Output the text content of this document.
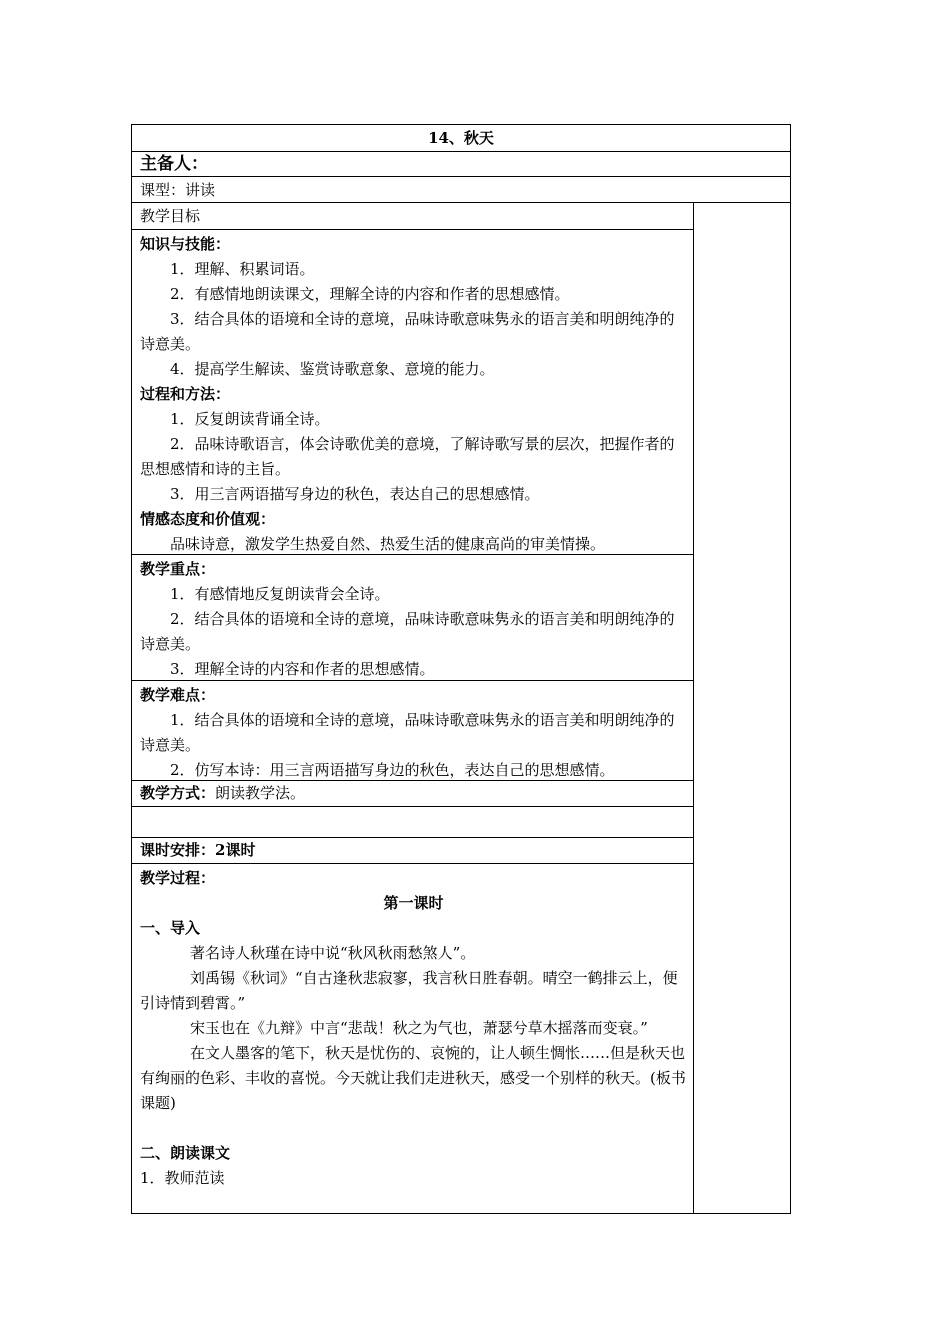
14、秋天
主备人：
课型：讲读
教学目标
知识与技能：
1．理解、积累词语。
2．有感情地朗读课文，理解全诗的内容和作者的思想感情。
3．结合具体的语境和全诗的意境，品味诗歌意味隽永的语言美和明朗纯净的诗意美。
4．提高学生解读、鉴赏诗歌意象、意境的能力。
过程和方法：
1．反复朗读背诵全诗。
2．品味诗歌语言，体会诗歌优美的意境，了解诗歌写景的层次，把握作者的思想感情和诗的主旨。
3．用三言两语描写身边的秋色，表达自己的思想感情。
情感态度和价值观：
品味诗意，激发学生热爱自然、热爱生活的健康高尚的审美情操。
教学重点：
1．有感情地反复朗读背会全诗。
2．结合具体的语境和全诗的意境，品味诗歌意味隽永的语言美和明朗纯净的诗意美。
3．理解全诗的内容和作者的思想感情。
教学难点：
1．结合具体的语境和全诗的意境，品味诗歌意味隽永的语言美和明朗纯净的诗意美。
2．仿写本诗：用三言两语描写身边的秋色，表达自己的思想感情。
教学方式：朗读教学法。
课时安排：2课时
教学过程：
第一课时
一、导入
著名诗人秋瑾在诗中说“秋风秋雨愁煞人”。
刘禹锡《秋词》“自古逢秋悲寂寥，我言秋日胜春朝。晴空一鹤排云上，便引诗情到碧霄。”
宋玉也在《九辩》中言“悲哉！秋之为气也，萧瑟兮草木摇落而变衰。”
在文人墨客的笔下，秋天是忧伤的、哀惋的，让人顿生惆怅……但是秋天也有绚丽的色彩、丰收的喜悦。今天就让我们走进秋天，感受一个别样的秋天。(板书课题)
二、朗读课文
1．教师范读
